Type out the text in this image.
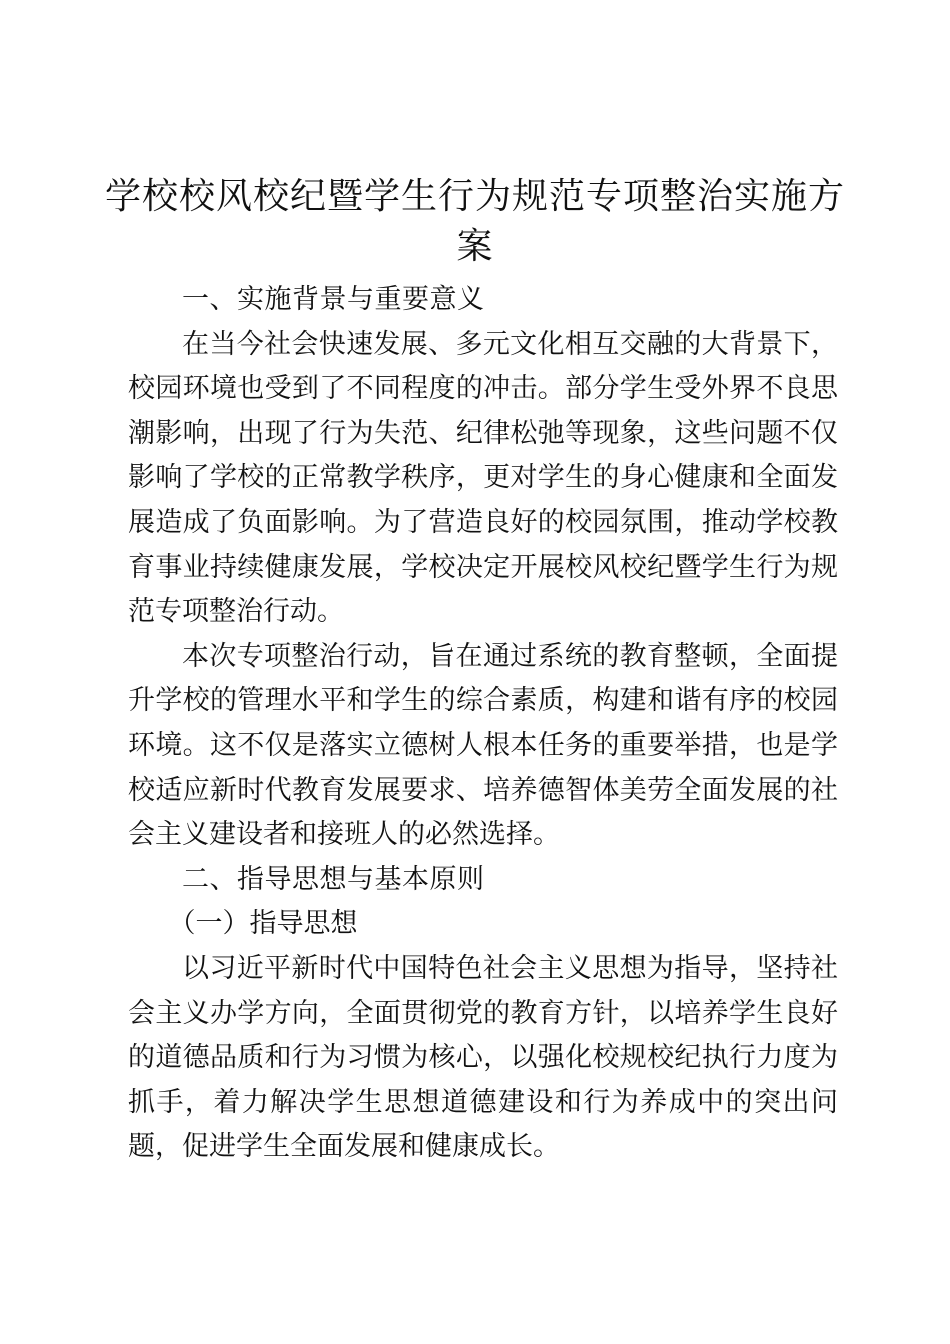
学校校风校纪暨学生行为规范专项整治实施方案

一、实施背景与重要意义

在当今社会快速发展、多元文化相互交融的大背景下，校园环境也受到了不同程度的冲击。部分学生受外界不良思潮影响，出现了行为失范、纪律松弛等现象，这些问题不仅影响了学校的正常教学秩序，更对学生的身心健康和全面发展造成了负面影响。为了营造良好的校园氛围，推动学校教育事业持续健康发展，学校决定开展校风校纪暨学生行为规范专项整治行动。

本次专项整治行动，旨在通过系统的教育整顿，全面提升学校的管理水平和学生的综合素质，构建和谐有序的校园环境。这不仅是落实立德树人根本任务的重要举措，也是学校适应新时代教育发展要求、培养德智体美劳全面发展的社会主义建设者和接班人的必然选择。

二、指导思想与基本原则

（一）指导思想

以习近平新时代中国特色社会主义思想为指导，坚持社会主义办学方向，全面贯彻党的教育方针，以培养学生良好的道德品质和行为习惯为核心，以强化校规校纪执行力度为抓手，着力解决学生思想道德建设和行为养成中的突出问题，促进学生全面发展和健康成长。
